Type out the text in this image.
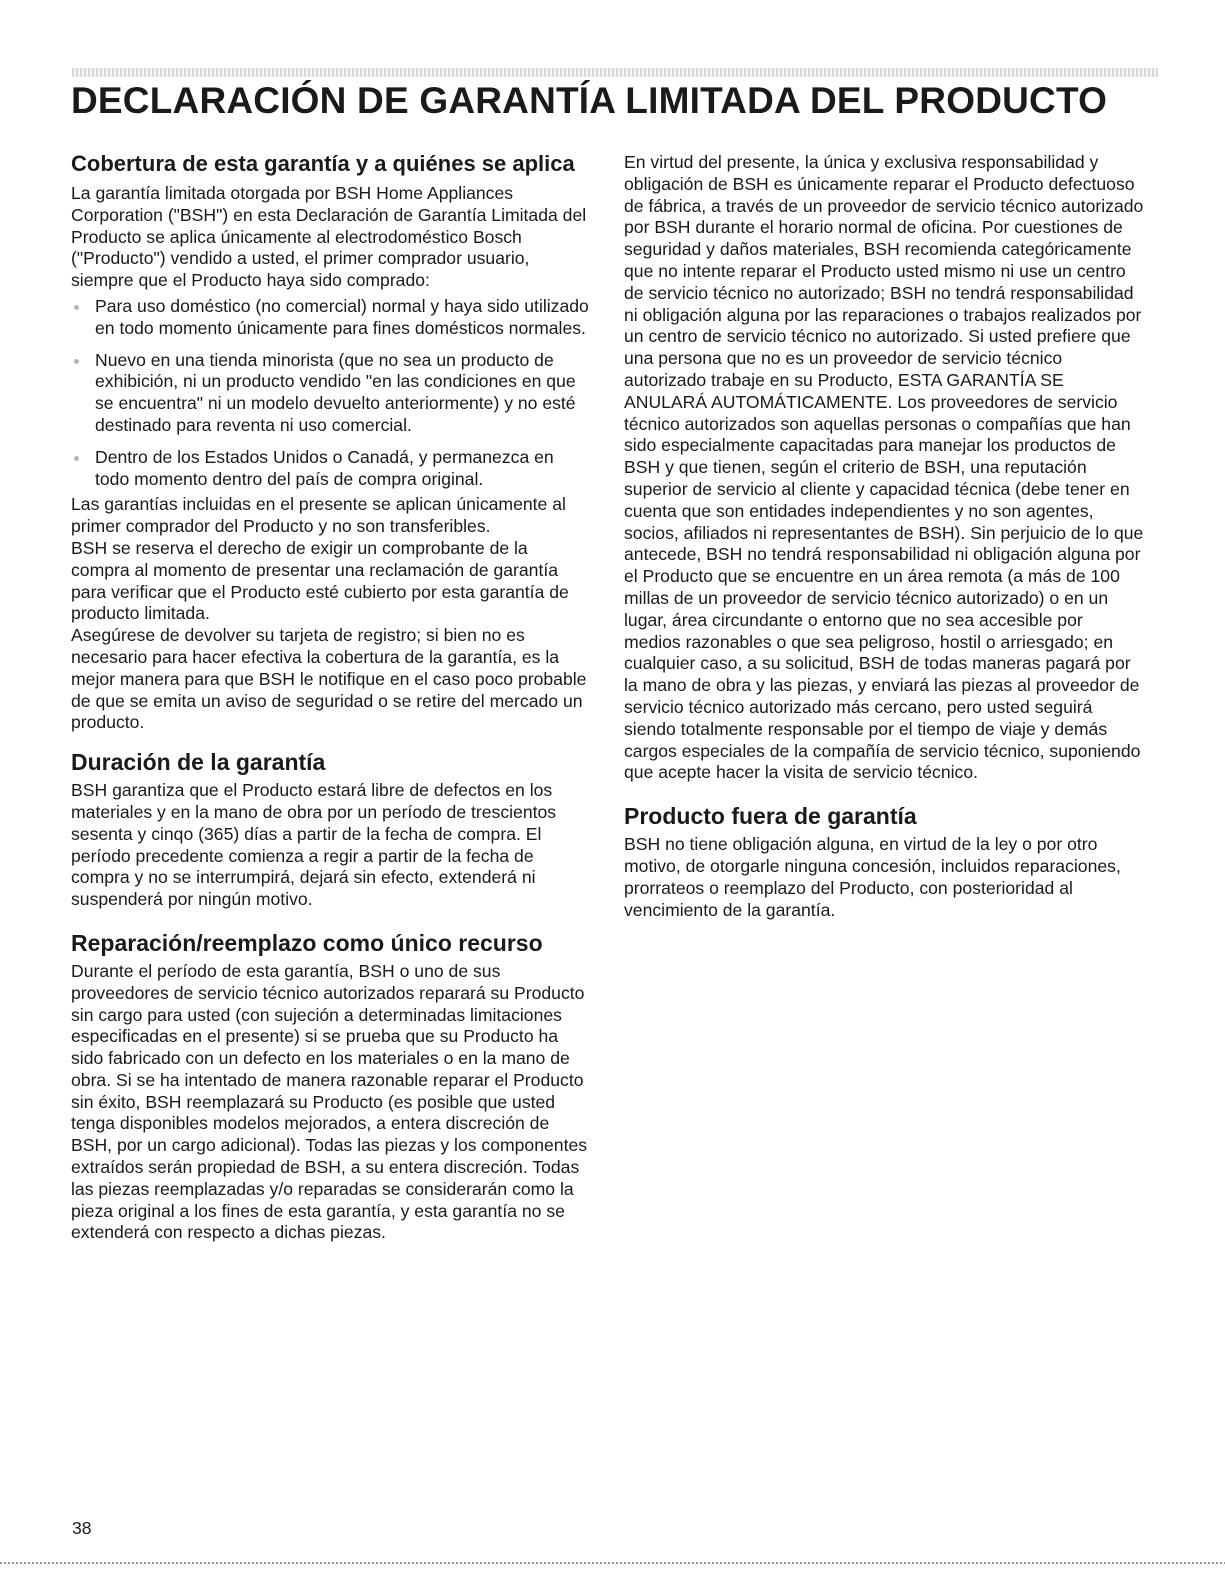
DECLARACIÓN DE GARANTÍA LIMITADA DEL PRODUCTO
Cobertura de esta garantía y a quiénes se aplica

La garantía limitada otorgada por BSH Home Appliances Corporation ("BSH") en esta Declaración de Garantía Limitada del Producto se aplica únicamente al electrodoméstico Bosch ("Producto") vendido a usted, el primer comprador usuario, siempre que el Producto haya sido comprado:

Para uso doméstico (no comercial) normal y haya sido utilizado en todo momento únicamente para fines domésticos normales.
Nuevo en una tienda minorista (que no sea un producto de exhibición, ni un producto vendido "en las condiciones en que se encuentra" ni un modelo devuelto anteriormente) y no esté destinado para reventa ni uso comercial.
Dentro de los Estados Unidos o Canadá, y permanezca en todo momento dentro del país de compra original.

Las garantías incluidas en el presente se aplican únicamente al primer comprador del Producto y no son transferibles.

BSH se reserva el derecho de exigir un comprobante de la compra al momento de presentar una reclamación de garantía para verificar que el Producto esté cubierto por esta garantía de producto limitada.

Asegúrese de devolver su tarjeta de registro; si bien no es necesario para hacer efectiva la cobertura de la garantía, es la mejor manera para que BSH le notifique en el caso poco probable de que se emita un aviso de seguridad o se retire del mercado un producto.

Duración de la garantía

BSH garantiza que el Producto estará libre de defectos en los materiales y en la mano de obra por un período de trescientos sesenta y cinqo (365) días a partir de la fecha de compra. El período precedente comienza a regir a partir de la fecha de compra y no se interrumpirá, dejará sin efecto, extenderá ni suspenderá por ningún motivo.

Reparación/reemplazo como único recurso

Durante el período de esta garantía, BSH o uno de sus proveedores de servicio técnico autorizados reparará su Producto sin cargo para usted (con sujeción a determinadas limitaciones especificadas en el presente) si se prueba que su Producto ha sido fabricado con un defecto en los materiales o en la mano de obra. Si se ha intentado de manera razonable reparar el Producto sin éxito, BSH reemplazará su Producto (es posible que usted tenga disponibles modelos mejorados, a entera discreción de BSH, por un cargo adicional). Todas las piezas y los componentes extraídos serán propiedad de BSH, a su entera discreción. Todas las piezas reemplazadas y/o reparadas se considerarán como la pieza original a los fines de esta garantía, y esta garantía no se extenderá con respecto a dichas piezas.

En virtud del presente, la única y exclusiva responsabilidad y obligación de BSH es únicamente reparar el Producto defectuoso de fábrica, a través de un proveedor de servicio técnico autorizado por BSH durante el horario normal de oficina. Por cuestiones de seguridad y daños materiales, BSH recomienda categóricamente que no intente reparar el Producto usted mismo ni use un centro de servicio técnico no autorizado; BSH no tendrá responsabilidad ni obligación alguna por las reparaciones o trabajos realizados por un centro de servicio técnico no autorizado. Si usted prefiere que una persona que no es un proveedor de servicio técnico autorizado trabaje en su Producto, ESTA GARANTÍA SE ANULARÁ AUTOMÁTICAMENTE. Los proveedores de servicio técnico autorizados son aquellas personas o compañías que han sido especialmente capacitadas para manejar los productos de BSH y que tienen, según el criterio de BSH, una reputación superior de servicio al cliente y capacidad técnica (debe tener en cuenta que son entidades independientes y no son agentes, socios, afiliados ni representantes de BSH). Sin perjuicio de lo que antecede, BSH no tendrá responsabilidad ni obligación alguna por el Producto que se encuentre en un área remota (a más de 100 millas de un proveedor de servicio técnico autorizado) o en un lugar, área circundante o entorno que no sea accesible por medios razonables o que sea peligroso, hostil o arriesgado; en cualquier caso, a su solicitud, BSH de todas maneras pagará por la mano de obra y las piezas, y enviará las piezas al proveedor de servicio técnico autorizado más cercano, pero usted seguirá siendo totalmente responsable por el tiempo de viaje y demás cargos especiales de la compañía de servicio técnico, suponiendo que acepte hacer la visita de servicio técnico.

Producto fuera de garantía

BSH no tiene obligación alguna, en virtud de la ley o por otro motivo, de otorgarle ninguna concesión, incluidos reparaciones, prorrateos o reemplazo del Producto, con posterioridad al vencimiento de la garantía.

38
